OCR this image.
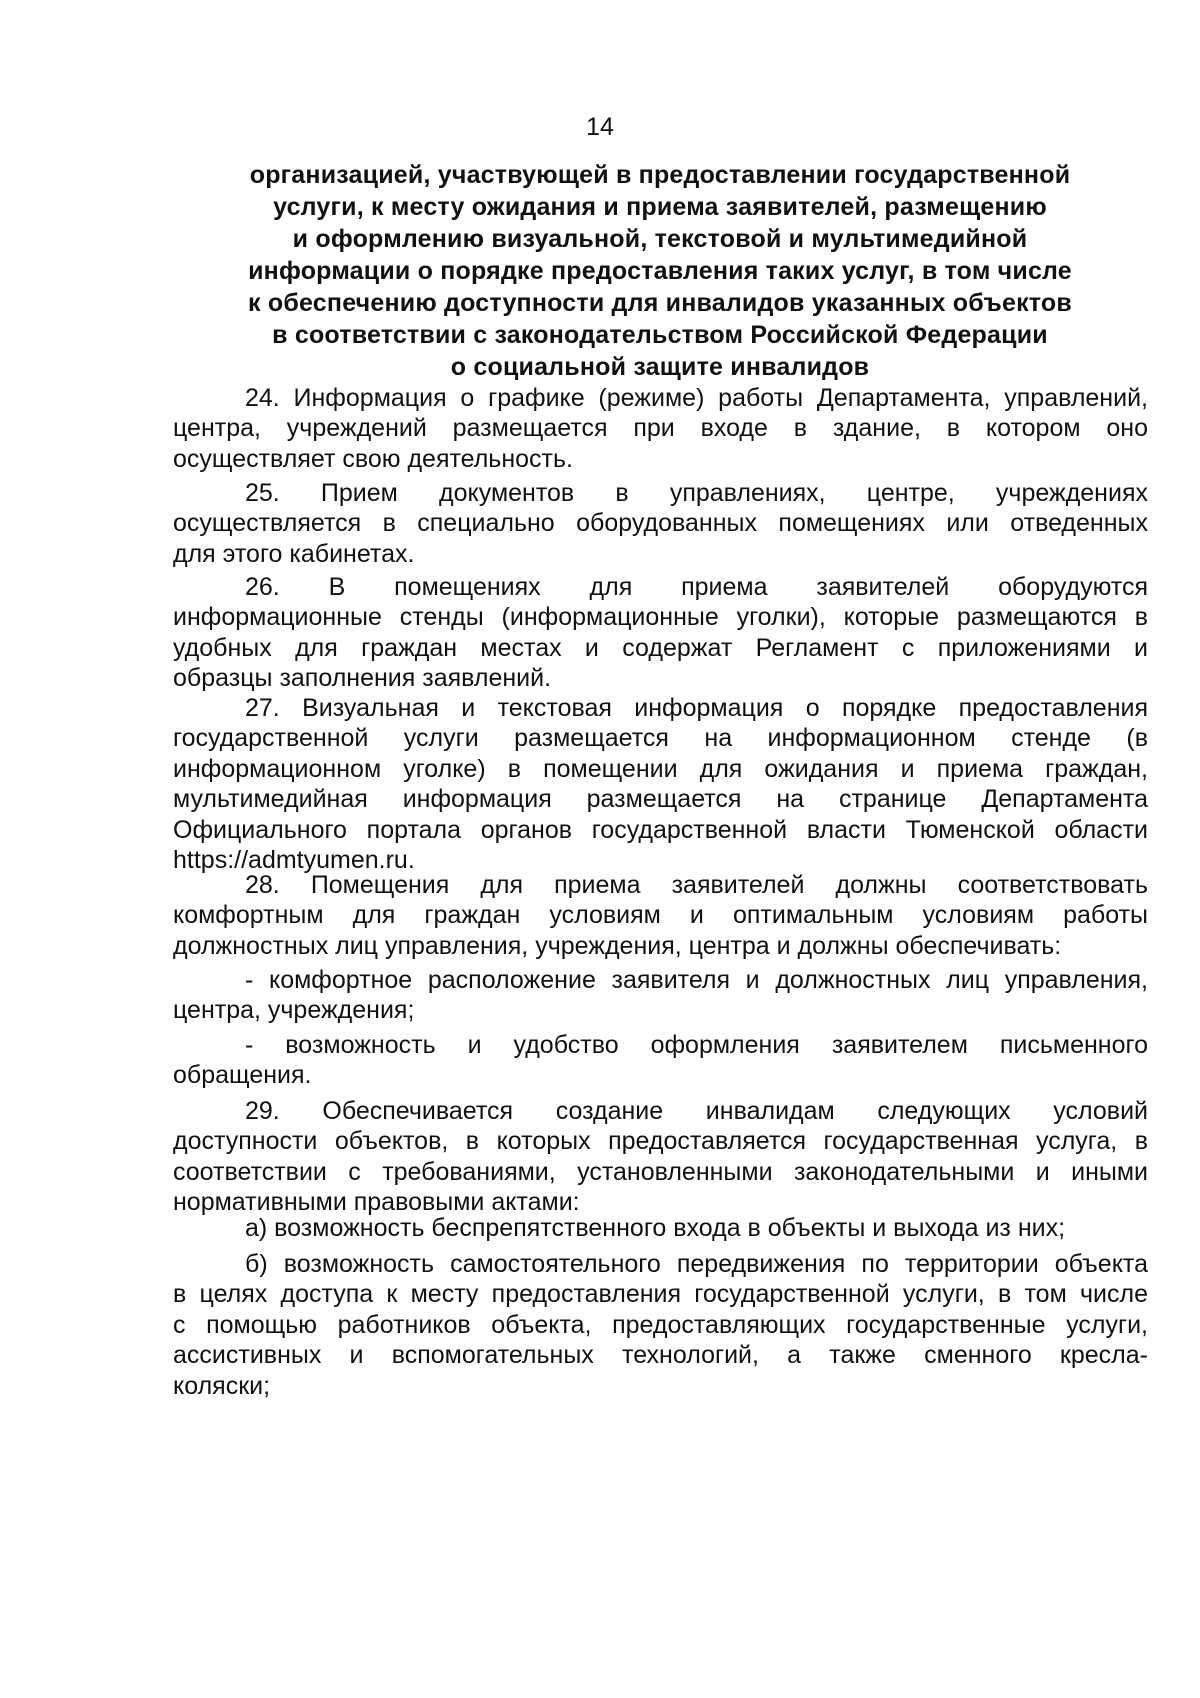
14
организацией, участвующей в предоставлении государственной
услуги, к месту ожидания и приема заявителей, размещению
и оформлению визуальной, текстовой и мультимедийной
информации о порядке предоставления таких услуг, в том числе
к обеспечению доступности для инвалидов указанных объектов
в соответствии с законодательством Российской Федерации
о социальной защите инвалидов
24. Информация о графике (режиме) работы Департамента, управлений,
центра, учреждений размещается при входе в здание, в котором оно
осуществляет свою деятельность.
25. Прием документов в управлениях, центре, учреждениях
осуществляется в специально оборудованных помещениях или отведенных
для этого кабинетах.
26. В помещениях для приема заявителей оборудуются
информационные стенды (информационные уголки), которые размещаются в
удобных для граждан местах и содержат Регламент с приложениями и
образцы заполнения заявлений.
27. Визуальная и текстовая информация о порядке предоставления
государственной услуги размещается на информационном стенде (в
информационном уголке) в помещении для ожидания и приема граждан,
мультимедийная информация размещается на странице Департамента
Официального портала органов государственной власти Тюменской области
https://admtyumen.ru.
28. Помещения для приема заявителей должны соответствовать
комфортным для граждан условиям и оптимальным условиям работы
должностных лиц управления, учреждения, центра и должны обеспечивать:
- комфортное расположение заявителя и должностных лиц управления,
центра, учреждения;
- возможность и удобство оформления заявителем письменного
обращения.
29. Обеспечивается создание инвалидам следующих условий
доступности объектов, в которых предоставляется государственная услуга, в
соответствии с требованиями, установленными законодательными и иными
нормативными правовыми актами:
а) возможность беспрепятственного входа в объекты и выхода из них;
б) возможность самостоятельного передвижения по территории объекта
в целях доступа к месту предоставления государственной услуги, в том числе
с помощью работников объекта, предоставляющих государственные услуги,
ассистивных и вспомогательных технологий, а также сменного кресла-
коляски;
